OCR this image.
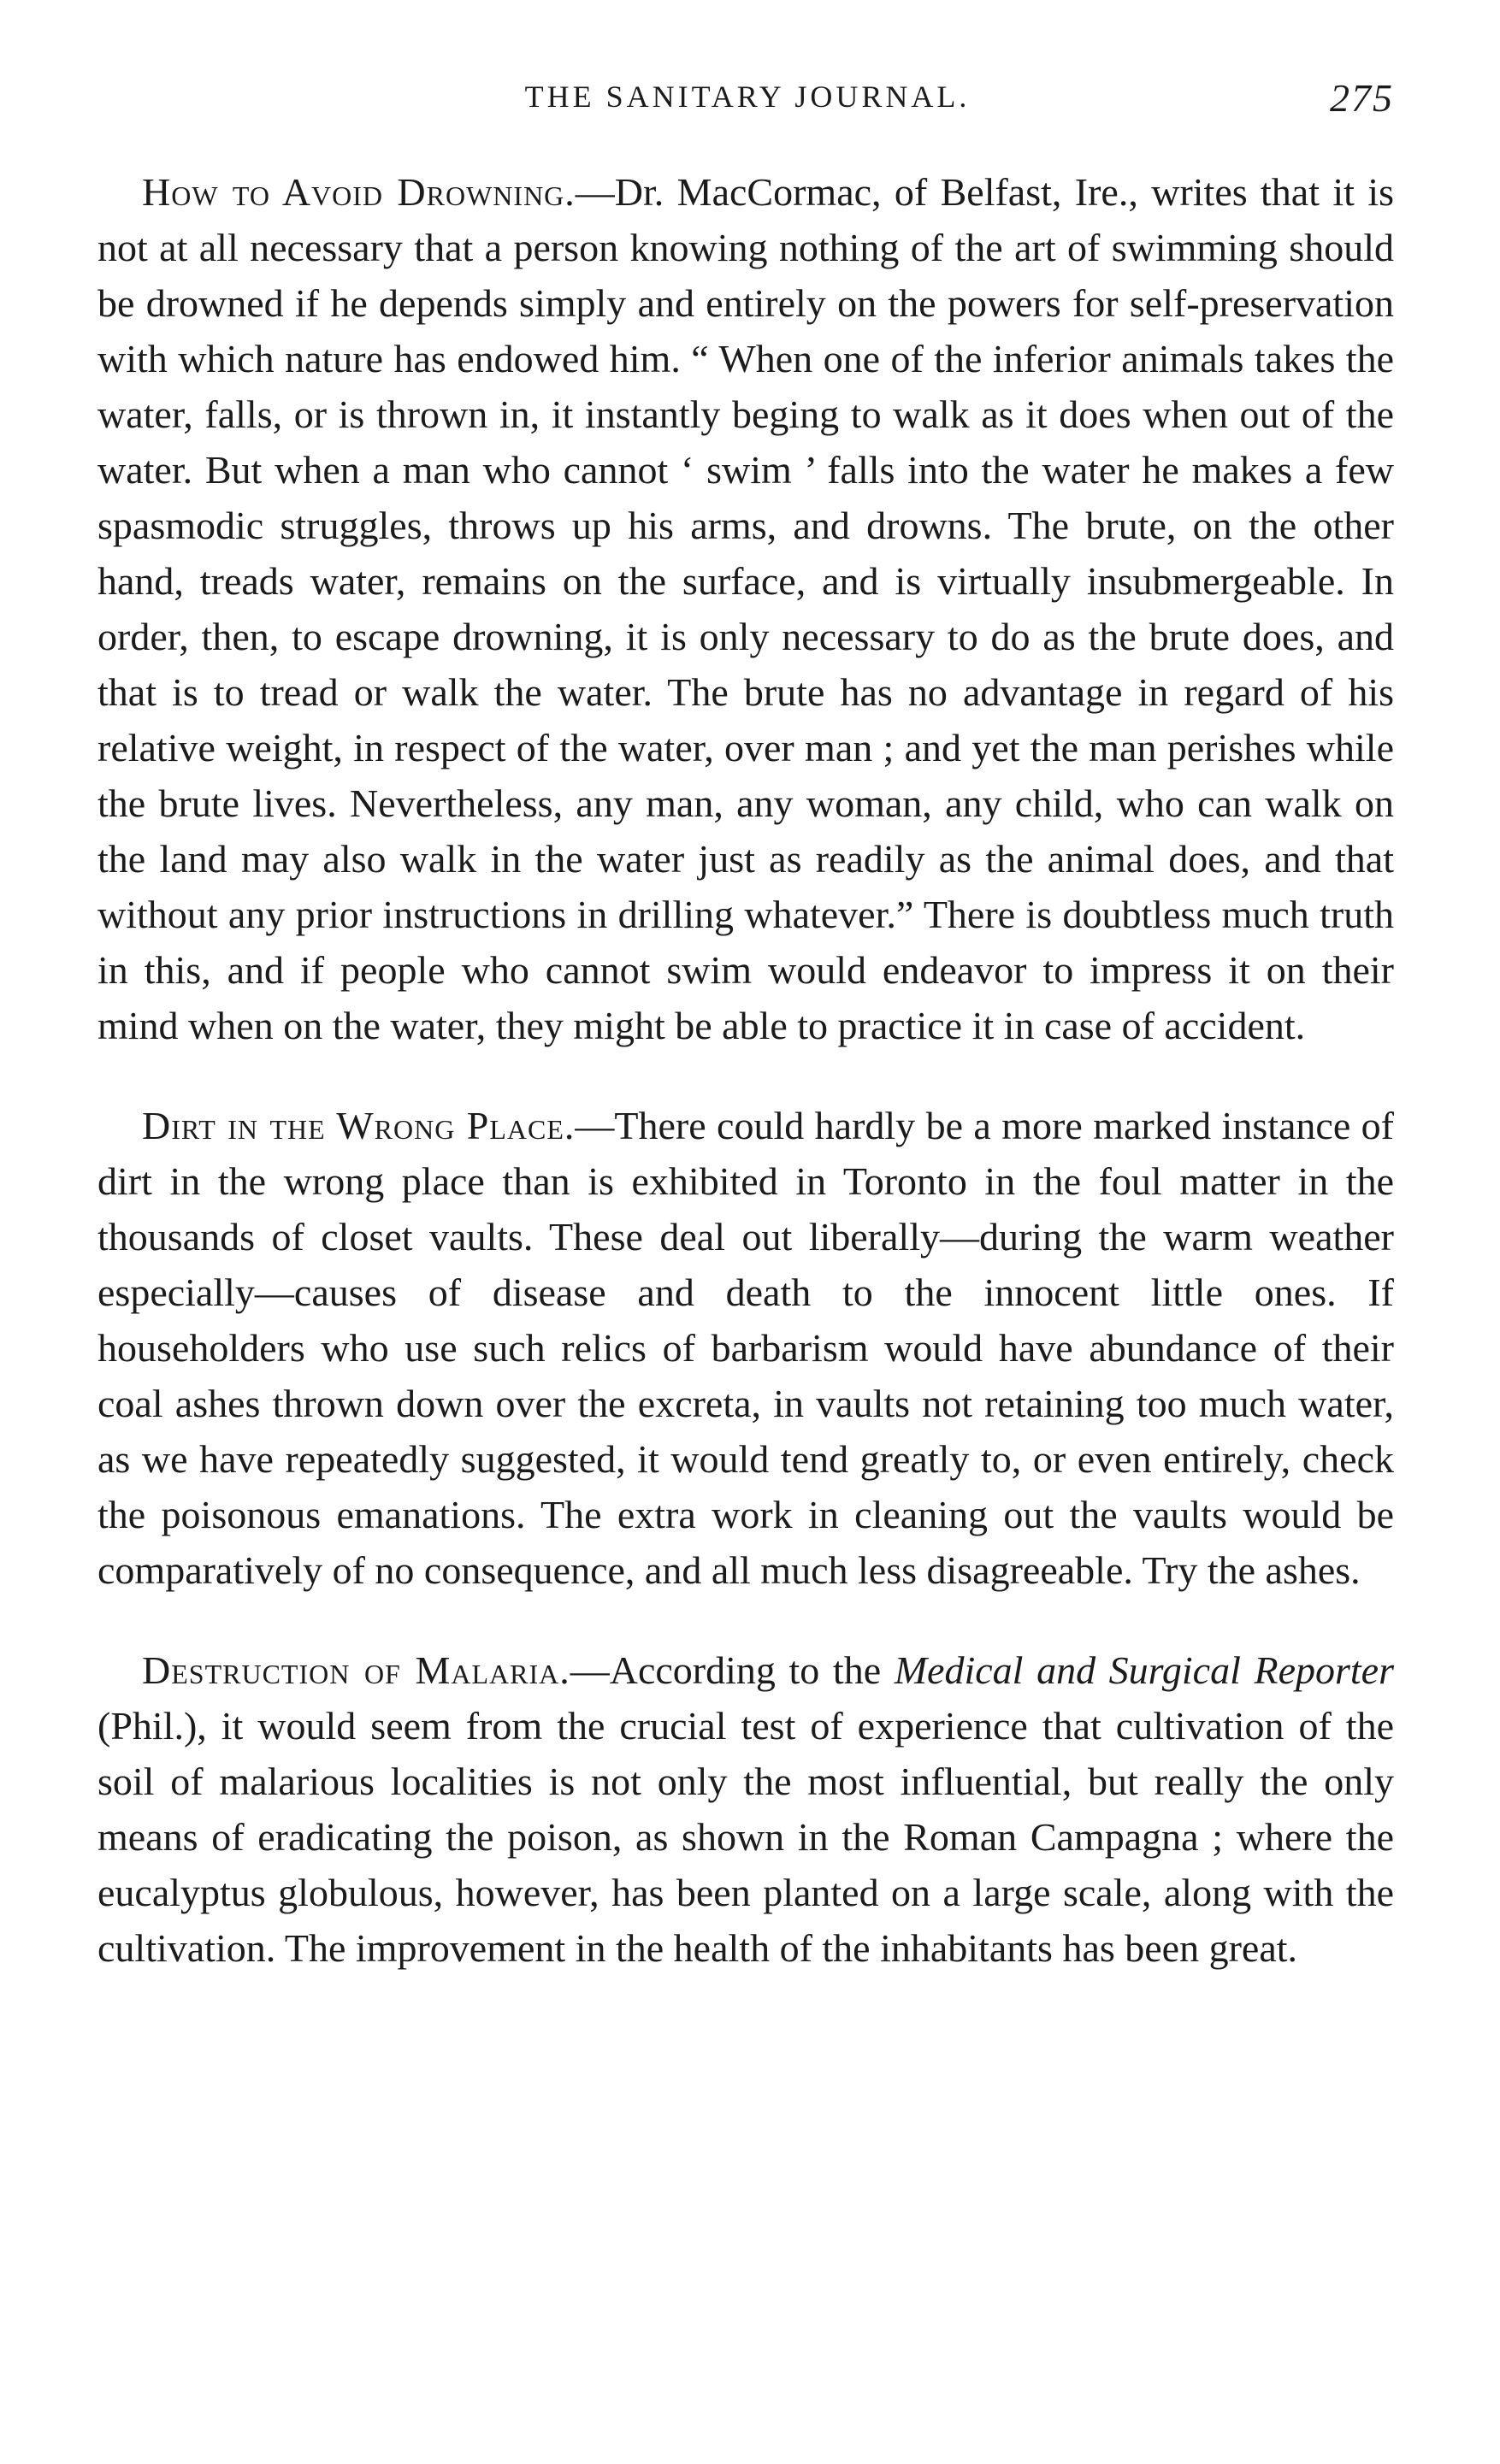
THE SANITARY JOURNAL.	275

How to Avoid Drowning.—Dr. MacCormac, of Belfast, Ire., writes that it is not at all necessary that a person knowing nothing of the art of swimming should be drowned if he depends simply and entirely on the powers for self-preservation with which nature has endowed him. “ When one of the inferior animals takes the water, falls, or is thrown in, it instantly beging to walk as it does when out of the water. But when a man who cannot ‘ swim ’ falls into the water he makes a few spasmodic struggles, throws up his arms, and drowns. The brute, on the other hand, treads water, remains on the surface, and is virtually insubmergeable. In order, then, to escape drowning, it is only necessary to do as the brute does, and that is to tread or walk the water. The brute has no advantage in regard of his relative weight, in respect of the water, over man ; and yet the man perishes while the brute lives. Nevertheless, any man, any woman, any child, who can walk on the land may also walk in the water just as readily as the animal does, and that without any prior instructions in drilling whatever.” There is doubtless much truth in this, and if people who cannot swim would endeavor to impress it on their mind when on the water, they might be able to practice it in case of accident.

Dirt in the Wrong Place.—There could hardly be a more marked instance of dirt in the wrong place than is exhibited in Toronto in the foul matter in the thousands of closet vaults. These deal out liberally—during the warm weather especially—causes of disease and death to the innocent little ones. If householders who use such relics of barbarism would have abundance of their coal ashes thrown down over the excreta, in vaults not retaining too much water, as we have repeatedly suggested, it would tend greatly to, or even entirely, check the poisonous emanations. The extra work in cleaning out the vaults would be comparatively of no consequence, and all much less disagreeable. Try the ashes.

Destruction of Malaria.—According to the Medical and Surgical Reporter (Phil.), it would seem from the crucial test of experience that cultivation of the soil of malarious localities is not only the most influential, but really the only means of eradicating the poison, as shown in the Roman Campagna ; where the eucalyptus globulous, however, has been planted on a large scale, along with the cultivation. The improvement in the health of the inhabitants has been great.
